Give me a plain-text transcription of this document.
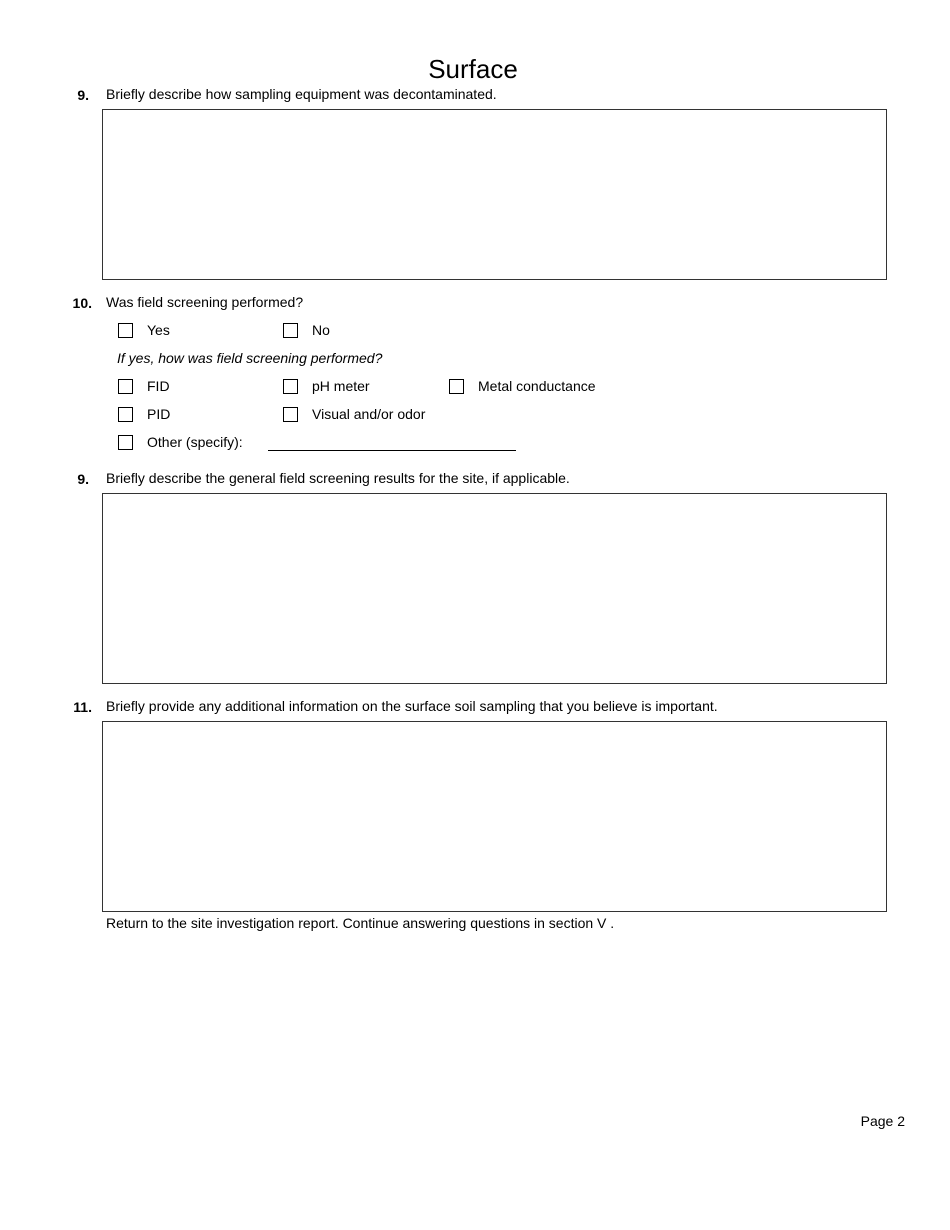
Surface
9. Briefly describe how sampling equipment was decontaminated.
10. Was field screening performed?
Yes	No
If yes, how was field screening performed?
FID	pH meter	Metal conductance
PID	Visual and/or odor
Other (specify):
9. Briefly describe the general field screening results for the site, if applicable.
11. Briefly provide any additional information on the surface soil sampling that you believe is important.
Return to the site investigation report. Continue answering questions in section V .
Page 2
